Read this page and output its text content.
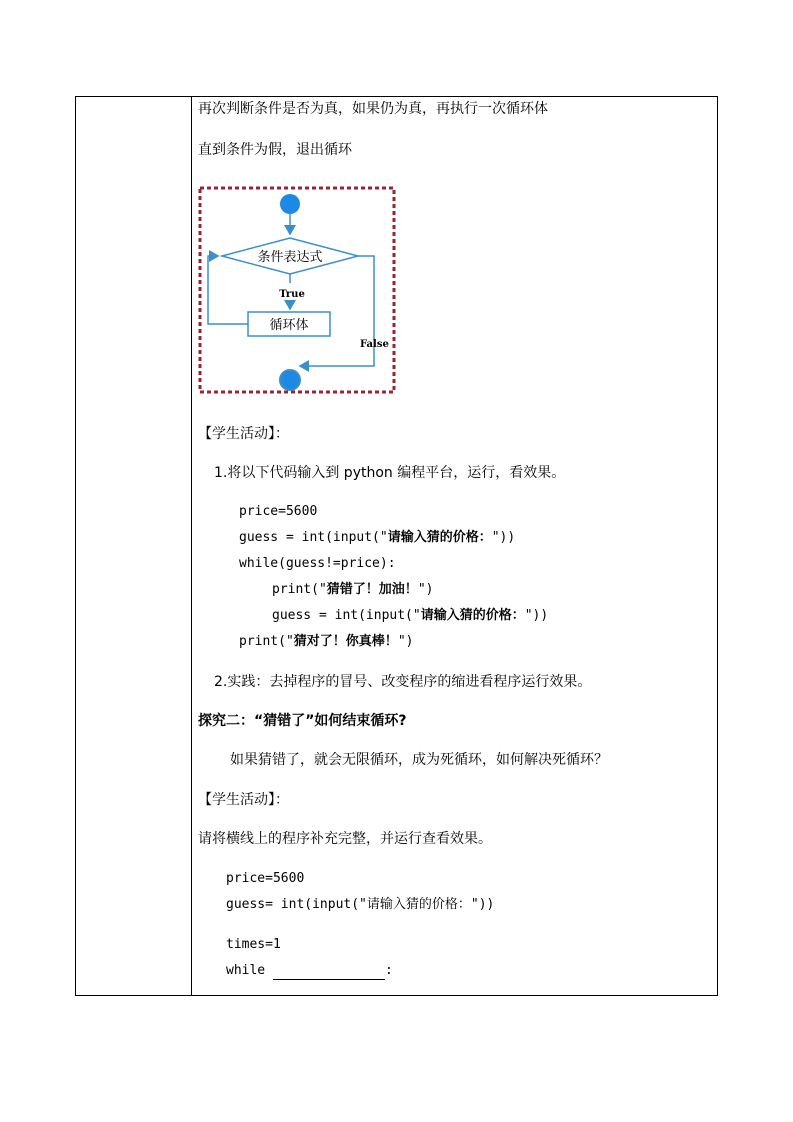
再次判断条件是否为真，如果仍为真，再执行一次循环体
直到条件为假，退出循环
条件表达式
True
循环体
False
【学生活动】：
1.将以下代码输入到 python 编程平台，运行，看效果。
price=5600
guess = int(input("请输入猜的价格："))
while(guess!=price):
print("猜错了！加油！")
guess = int(input("请输入猜的价格："))
print("猜对了！你真棒！")
2.实践：去掉程序的冒号、改变程序的缩进看程序运行效果。
探究二：“猜错了”如何结束循环?
如果猜错了，就会无限循环，成为死循环，如何解决死循环？
【学生活动】：
请将横线上的程序补充完整，并运行查看效果。
price=5600
guess= int(input("请输入猜的价格："))
times=1
while	:
